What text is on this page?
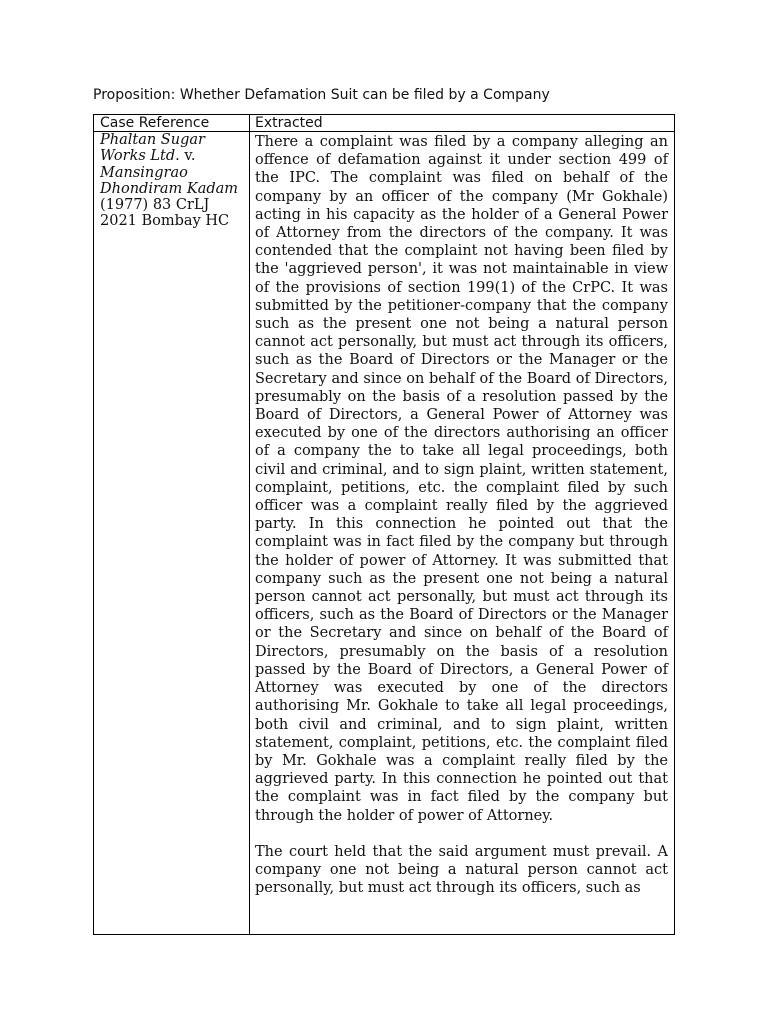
Proposition: Whether Defamation Suit can be filed by a Company
Case Reference	Extracted
Phaltan Sugar Works Ltd. v. Mansingrao Dhondiram Kadam (1977) 83 CrLJ 2021 Bombay HC

There a complaint was filed by a company alleging an offence of defamation against it under section 499 of the IPC. The complaint was filed on behalf of the company by an officer of the company (Mr Gokhale) acting in his capacity as the holder of a General Power of Attorney from the directors of the company. It was contended that the complaint not having been filed by the 'aggrieved person', it was not maintainable in view of the provisions of section 199(1) of the CrPC. It was submitted by the petitioner-company that the company such as the present one not being a natural person cannot act personally, but must act through its officers, such as the Board of Directors or the Manager or the Secretary and since on behalf of the Board of Directors, presumably on the basis of a resolution passed by the Board of Directors, a General Power of Attorney was executed by one of the directors authorising an officer of a company the to take all legal proceedings, both civil and criminal, and to sign plaint, written statement, complaint, petitions, etc. the complaint filed by such officer was a complaint really filed by the aggrieved party. In this connection he pointed out that the complaint was in fact filed by the company but through the holder of power of Attorney. It was submitted that company such as the present one not being a natural person cannot act personally, but must act through its officers, such as the Board of Directors or the Manager or the Secretary and since on behalf of the Board of Directors, presumably on the basis of a resolution passed by the Board of Directors, a General Power of Attorney was executed by one of the directors authorising Mr. Gokhale to take all legal proceedings, both civil and criminal, and to sign plaint, written statement, complaint, petitions, etc. the complaint filed by Mr. Gokhale was a complaint really filed by the aggrieved party. In this connection he pointed out that the complaint was in fact filed by the company but through the holder of power of Attorney.

The court held that the said argument must prevail. A company one not being a natural person cannot act personally, but must act through its officers, such as
